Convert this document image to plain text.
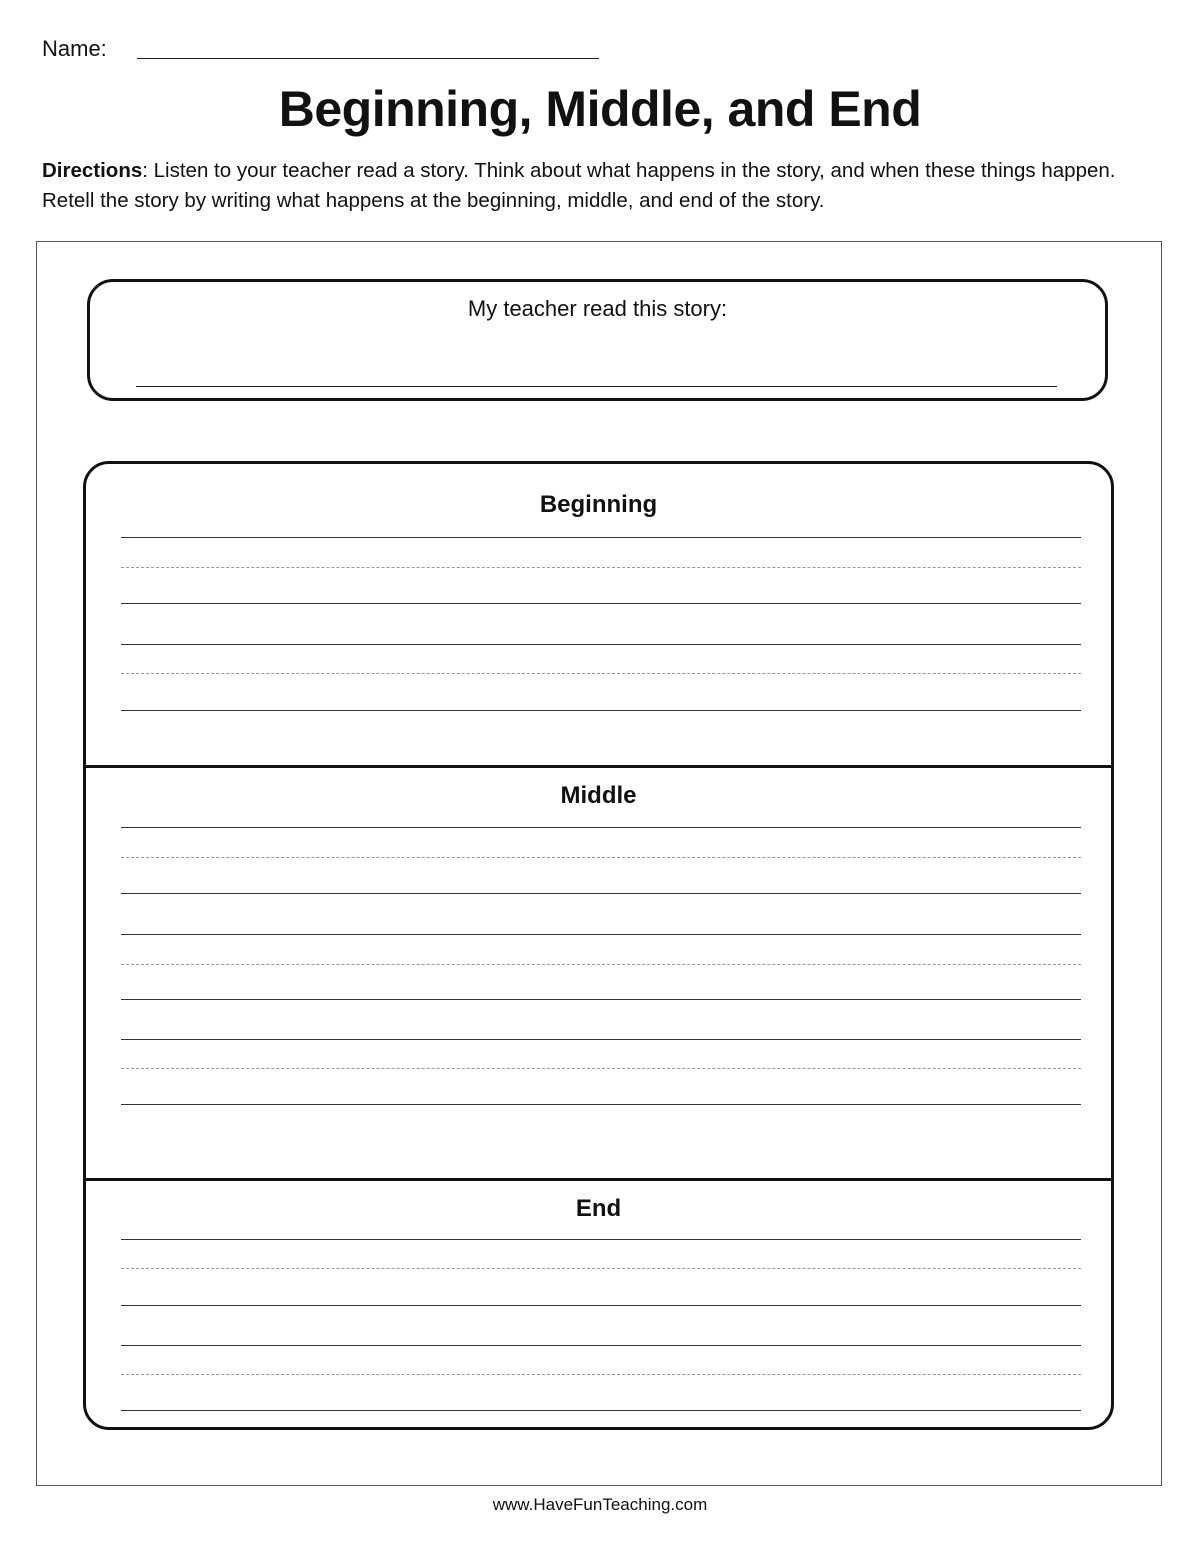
Name:
Beginning, Middle, and End

Directions: Listen to your teacher read a story. Think about what happens in the story, and when these things happen. Retell the story by writing what happens at the beginning, middle, and end of the story.

My teacher read this story:
Beginning
Middle
End
www.HaveFunTeaching.com
